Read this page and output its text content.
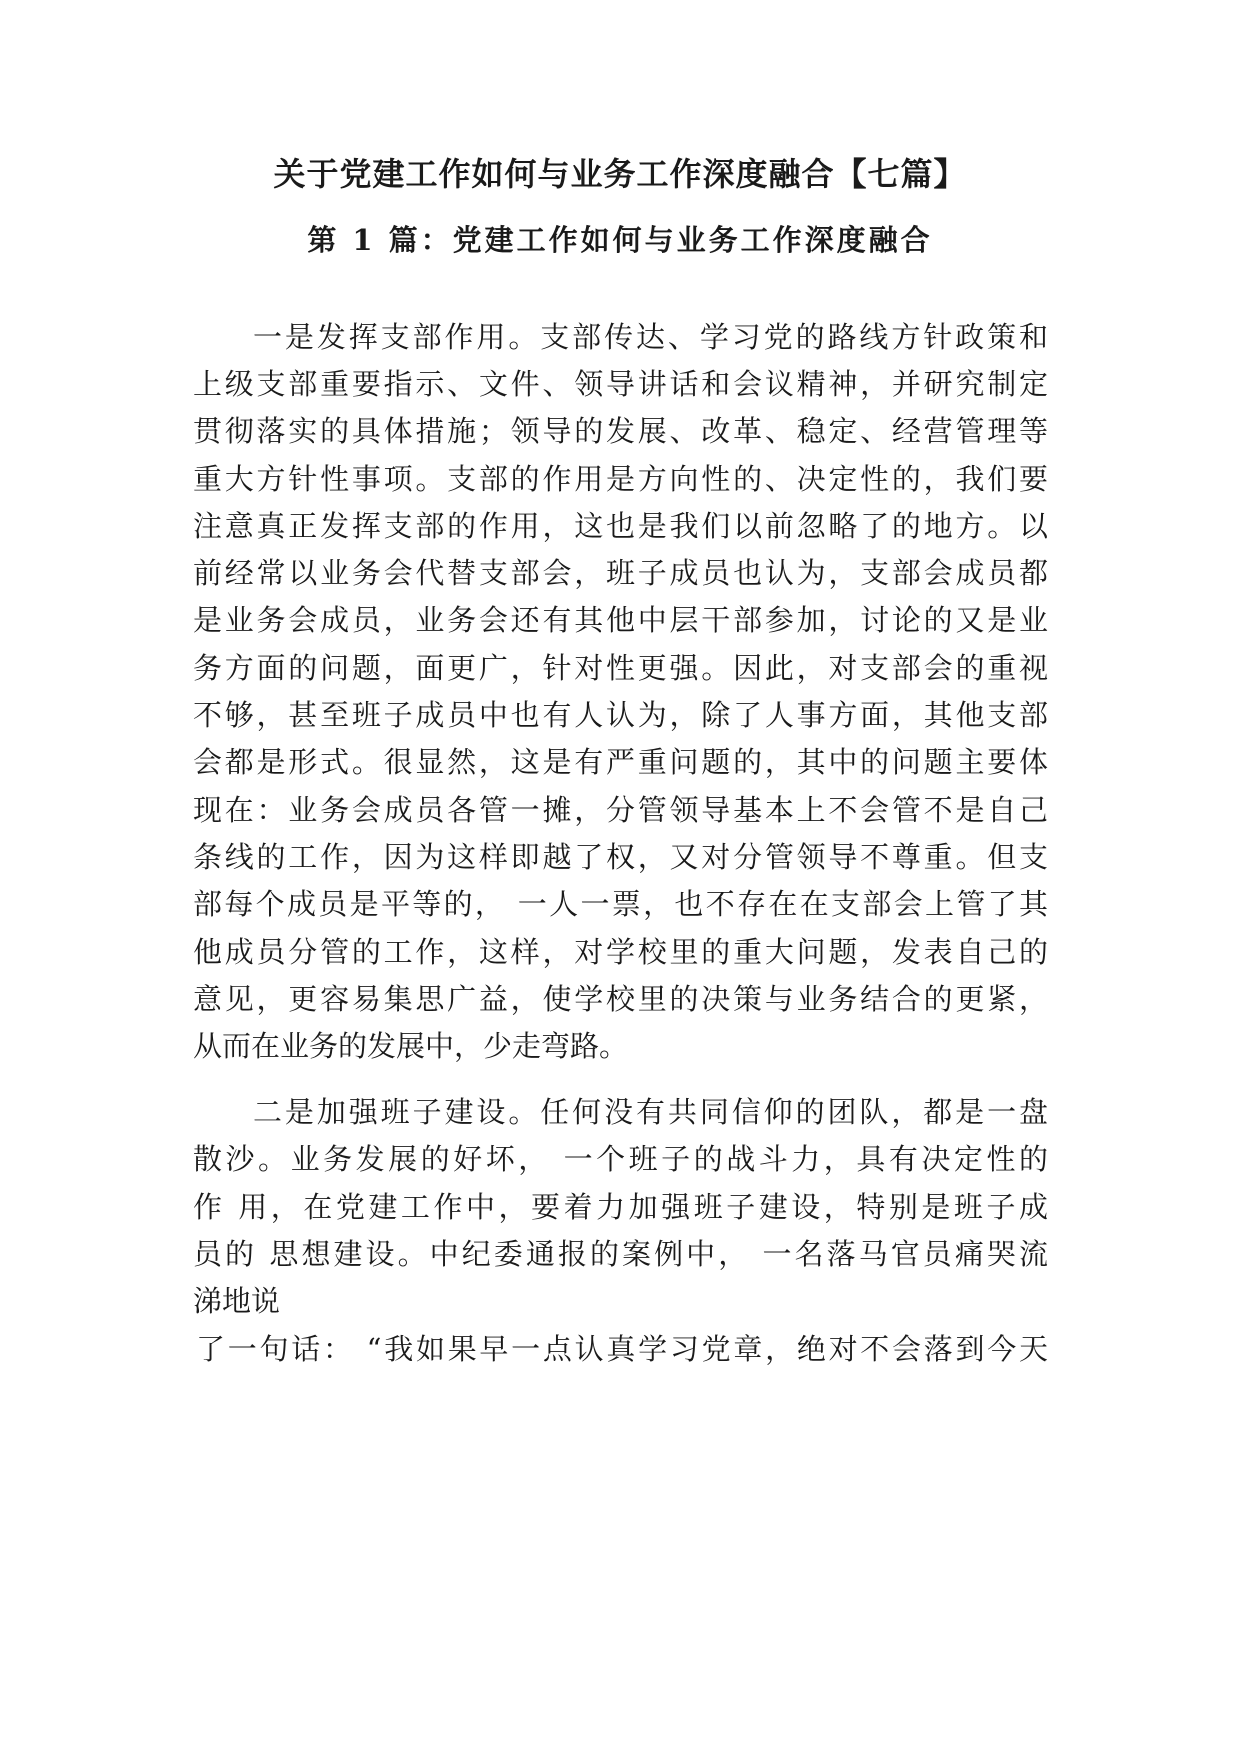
关于党建工作如何与业务工作深度融合【七篇】
第 1 篇：党建工作如何与业务工作深度融合

一是发挥支部作用。支部传达、学习党的路线方针政策和

上级支部重要指示、文件、领导讲话和会议精神，并研究制定

贯彻落实的具体措施；领导的发展、改革、稳定、经营管理等

重大方针性事项。支部的作用是方向性的、决定性的，我们要

注意真正发挥支部的作用，这也是我们以前忽略了的地方。以

前经常以业务会代替支部会，班子成员也认为，支部会成员都

是业务会成员，业务会还有其他中层干部参加，讨论的又是业

务方面的问题，面更广，针对性更强。因此，对支部会的重视

不够，甚至班子成员中也有人认为，除了人事方面，其他支部

会都是形式。很显然，这是有严重问题的，其中的问题主要体

现在：业务会成员各管一摊，分管领导基本上不会管不是自己

条线的工作，因为这样即越了权，又对分管领导不尊重。但支

部每个成员是平等的， 一人一票，也不存在在支部会上管了其

他成员分管的工作，这样，对学校里的重大问题，发表自己的

意见，更容易集思广益，使学校里的决策与业务结合的更紧，

从而在业务的发展中，少走弯路。

二是加强班子建设。任何没有共同信仰的团队，都是一盘

散沙。业务发展的好坏， 一个班子的战斗力，具有决定性的

作 用，在党建工作中，要着力加强班子建设，特别是班子成

员的 思想建设。中纪委通报的案例中， 一名落马官员痛哭流

涕地说

了一句话： “我如果早一点认真学习党章，绝对不会落到今天
